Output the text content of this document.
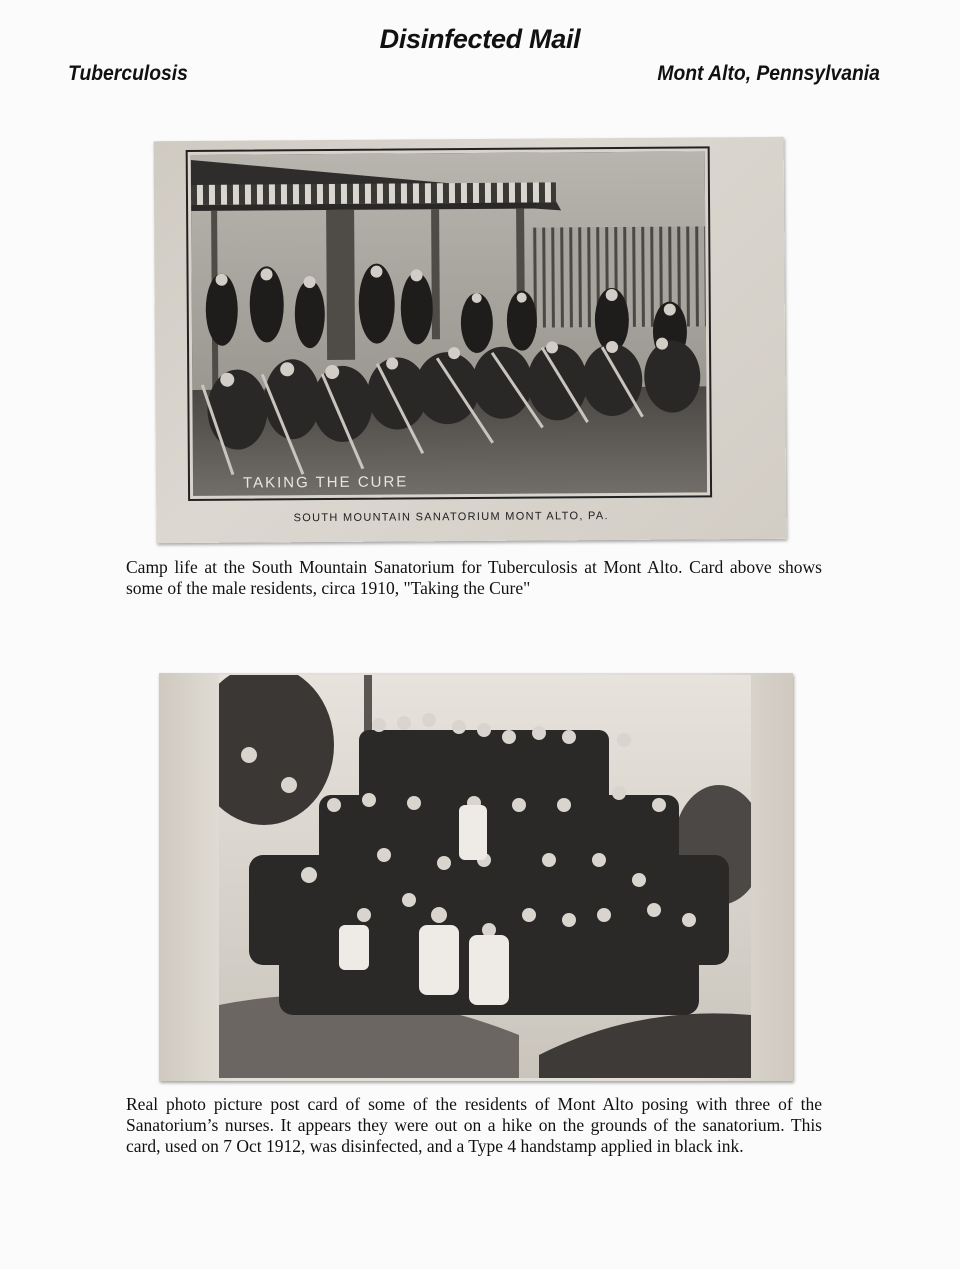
Disinfected Mail
Tuberculosis	Mont Alto, Pennsylvania
TAKING THE CURE
SOUTH MOUNTAIN SANATORIUM MONT ALTO, PA.

Camp life at the South Mountain Sanatorium for Tuberculosis at Mont Alto. Card above shows some of the male residents, circa 1910, "Taking the Cure"

Real photo picture post card of some of the residents of Mont Alto posing with three of the Sanatorium’s nurses. It appears they were out on a hike on the grounds of the sanatorium. This card, used on 7 Oct 1912, was disinfected, and a Type 4 handstamp applied in black ink.
